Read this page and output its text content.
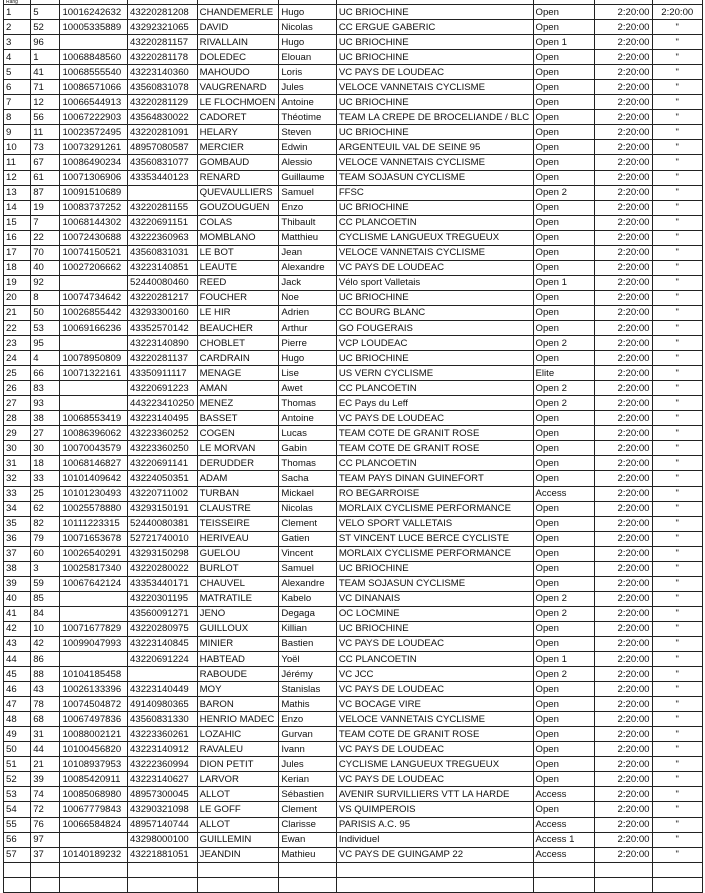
Rang									
1	5	10016242632	43220281208	CHANDEMERLE	Hugo	UC BRIOCHINE	Open	2:20:00	2:20:00
2	52	10005335889	43292321065	DAVID	Nicolas	CC ERGUE GABERIC	Open	2:20:00	"
3	96		43220281157	RIVALLAIN	Hugo	UC BRIOCHINE	Open 1	2:20:00	"
4	1	10068848560	43220281178	DOLEDEC	Elouan	UC BRIOCHINE	Open	2:20:00	"
5	41	10068555540	43223140360	MAHOUDO	Loris	VC PAYS DE LOUDEAC	Open	2:20:00	"
6	71	10086571066	43560831078	VAUGRENARD	Jules	VELOCE VANNETAIS CYCLISME	Open	2:20:00	"
7	12	10066544913	43220281129	LE FLOCHMOEN	Antoine	UC BRIOCHINE	Open	2:20:00	"
8	56	10067222903	43564830022	CADORET	Théotime	TEAM LA CREPE DE BROCELIANDE / BLC	Open	2:20:00	"
9	11	10023572495	43220281091	HELARY	Steven	UC BRIOCHINE	Open	2:20:00	"
10	73	10073291261	48957080587	MERCIER	Edwin	ARGENTEUIL VAL DE SEINE 95	Open	2:20:00	"
11	67	10086490234	43560831077	GOMBAUD	Alessio	VELOCE VANNETAIS CYCLISME	Open	2:20:00	"
12	61	10071306906	43353440123	RENARD	Guillaume	TEAM SOJASUN CYCLISME	Open	2:20:00	"
13	87	10091510689		QUEVAULLIERS	Samuel	FFSC	Open 2	2:20:00	"
14	19	10083737252	43220281155	GOUZOUGUEN	Enzo	UC BRIOCHINE	Open	2:20:00	"
15	7	10068144302	43220691151	COLAS	Thibault	CC PLANCOETIN	Open	2:20:00	"
16	22	10072430688	43222360963	MOMBLANO	Matthieu	CYCLISME LANGUEUX TREGUEUX	Open	2:20:00	"
17	70	10074150521	43560831031	LE BOT	Jean	VELOCE VANNETAIS CYCLISME	Open	2:20:00	"
18	40	10027206662	43223140851	LEAUTE	Alexandre	VC PAYS DE LOUDEAC	Open	2:20:00	"
19	92		52440080460	REED	Jack	Vélo sport Valletais	Open 1	2:20:00	"
20	8	10074734642	43220281217	FOUCHER	Noe	UC BRIOCHINE	Open	2:20:00	"
21	50	10026855442	43293300160	LE HIR	Adrien	CC BOURG BLANC	Open	2:20:00	"
22	53	10069166236	43352570142	BEAUCHER	Arthur	GO FOUGERAIS	Open	2:20:00	"
23	95		43223140890	CHOBLET	Pierre	VCP LOUDEAC	Open 2	2:20:00	"
24	4	10078950809	43220281137	CARDRAIN	Hugo	UC BRIOCHINE	Open	2:20:00	"
25	66	10071322161	43350911117	MENAGE	Lise	US VERN CYCLISME	Elite	2:20:00	"
26	83		43220691223	AMAN	Awet	CC PLANCOETIN	Open 2	2:20:00	"
27	93		443223410250	MENEZ	Thomas	EC Pays du Leff	Open 2	2:20:00	"
28	38	10068553419	43223140495	BASSET	Antoine	VC PAYS DE LOUDEAC	Open	2:20:00	"
29	27	10086396062	43223360252	COGEN	Lucas	TEAM COTE DE GRANIT ROSE	Open	2:20:00	"
30	30	10070043579	43223360250	LE MORVAN	Gabin	TEAM COTE DE GRANIT ROSE	Open	2:20:00	"
31	18	10068146827	43220691141	DERUDDER	Thomas	CC PLANCOETIN	Open	2:20:00	"
32	33	10101409642	43224050351	ADAM	Sacha	TEAM PAYS DINAN GUINEFORT	Open	2:20:00	"
33	25	10101230493	43220711002	TURBAN	Mickael	RO BEGARROISE	Access	2:20:00	"
34	62	10025578880	43293150191	CLAUSTRE	Nicolas	MORLAIX CYCLISME PERFORMANCE	Open	2:20:00	"
35	82	10111223315	52440080381	TEISSEIRE	Clement	VELO SPORT VALLETAIS	Open	2:20:00	"
36	79	10071653678	52721740010	HERIVEAU	Gatien	ST VINCENT LUCE BERCE CYCLISTE	Open	2:20:00	"
37	60	10026540291	43293150298	GUELOU	Vincent	MORLAIX CYCLISME PERFORMANCE	Open	2:20:00	"
38	3	10025817340	43220280022	BURLOT	Samuel	UC BRIOCHINE	Open	2:20:00	"
39	59	10067642124	43353440171	CHAUVEL	Alexandre	TEAM SOJASUN CYCLISME	Open	2:20:00	"
40	85		43220301195	MATRATILE	Kabelo	VC DINANAIS	Open 2	2:20:00	"
41	84		43560091271	JENO	Degaga	OC LOCMINE	Open 2	2:20:00	"
42	10	10071677829	43220280975	GUILLOUX	Killian	UC BRIOCHINE	Open	2:20:00	"
43	42	10099047993	43223140845	MINIER	Bastien	VC PAYS DE LOUDEAC	Open	2:20:00	"
44	86		43220691224	HABTEAD	Yoël	CC PLANCOETIN	Open 1	2:20:00	"
45	88	10104185458		RABOUDE	Jérémy	VC JCC	Open 2	2:20:00	"
46	43	10026133396	43223140449	MOY	Stanislas	VC PAYS DE LOUDEAC	Open	2:20:00	"
47	78	10074504872	49140980365	BARON	Mathis	VC BOCAGE VIRE	Open	2:20:00	"
48	68	10067497836	43560831330	HENRIO MADEC	Enzo	VELOCE VANNETAIS CYCLISME	Open	2:20:00	"
49	31	10088002121	43223360261	LOZAHIC	Gurvan	TEAM COTE DE GRANIT ROSE	Open	2:20:00	"
50	44	10100456820	43223140912	RAVALEU	Ivann	VC PAYS DE LOUDEAC	Open	2:20:00	"
51	21	10108937953	43222360994	DION PETIT	Jules	CYCLISME LANGUEUX TREGUEUX	Open	2:20:00	"
52	39	10085420911	43223140627	LARVOR	Kerian	VC PAYS DE LOUDEAC	Open	2:20:00	"
53	74	10085068980	48957300045	ALLOT	Sébastien	AVENIR SURVILLIERS VTT LA HARDE	Access	2:20:00	"
54	72	10067779843	43290321098	LE GOFF	Clement	VS QUIMPEROIS	Open	2:20:00	"
55	76	10066584824	48957140744	ALLOT	Clarisse	PARISIS A.C. 95	Access	2:20:00	"
56	97		43298000100	GUILLEMIN	Ewan	Individuel	Access 1	2:20:00	"
57	37	10140189232	43221881051	JEANDIN	Mathieu	VC PAYS DE GUINGAMP 22	Access	2:20:00	"
